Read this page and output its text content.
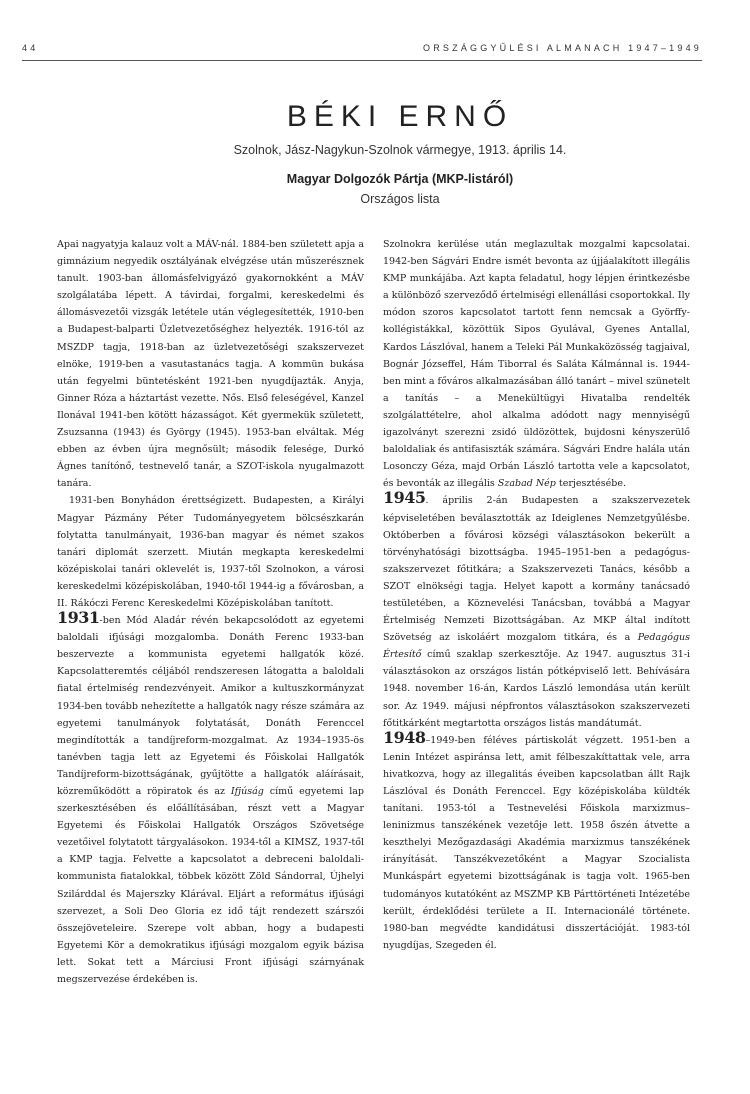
44	ORSZÁGGYŰLÉSI ALMANACH 1947–1949
BÉKI ERNŐ
Szolnok, Jász-Nagykun-Szolnok vármegye, 1913. április 14.
Magyar Dolgozók Pártja (MKP-listáról)
Országos lista

Apai nagyatyja kalauz volt a MÁV-nál. 1884-ben született apja a gimnázium negyedik osztályának elvégzése után műszerésznek tanult. 1903-ban állomásfelvigyázó gyakornokként a MÁV szolgálatába lépett. A távirdai, forgalmi, kereskedelmi és állomásvezetői vizsgák letétele után véglegesítették, 1910-ben a Budapest-balparti Üzletvezetőséghez helyezték. 1916-tól az MSZDP tagja, 1918-ban az üzletvezetőségi szakszervezet elnöke, 1919-ben a vasutastanács tagja. A kommün bukása után fegyelmi büntetésként 1921-ben nyugdíjazták. Anyja, Ginner Róza a háztartást vezette. Nős. Első feleségével, Kanzel Ilonával 1941-ben kötött házasságot. Két gyermekük született, Zsuzsanna (1943) és György (1945). 1953-ban elváltak. Még ebben az évben újra megnősült; második felesége, Durkó Ágnes tanítónő, testnevelő tanár, a SZOT-iskola nyugalmazott tanára.

1931-ben Bonyhádon érettségizett. Budapesten, a Királyi Magyar Pázmány Péter Tudományegyetem bölcsészkarán folytatta tanulmányait, 1936-ban magyar és német szakos tanári diplomát szerzett. Miután megkapta kereskedelmi középiskolai tanári oklevelét is, 1937-től Szolnokon, a városi kereskedelmi középiskolában, 1940-től 1944-ig a fővárosban, a II. Rákóczi Ferenc Kereskedelmi Középiskolában tanított.

1931-ben Mód Aladár révén bekapcsolódott az egyetemi baloldali ifjúsági mozgalomba. Donáth Ferenc 1933-ban beszervezte a kommunista egyetemi hallgatók közé. Kapcsolatteremtés céljából rendszeresen látogatta a baloldali fiatal értelmiség rendezvényeit. Amikor a kultuszkormányzat 1934-ben tovább nehezítette a hallgatók nagy része számára az egyetemi tanulmányok folytatását, Donáth Ferenccel megindították a tandíjreform-mozgalmat. Az 1934–1935-ös tanévben tagja lett az Egyetemi és Főiskolai Hallgatók Tandíjreform-bizottságának, gyűjtötte a hallgatók aláírásait, közreműködött a röpiratok és az Ifjúság című egyetemi lap szerkesztésében és előállításában, részt vett a Magyar Egyetemi és Főiskolai Hallgatók Országos Szövetsége vezetőivel folytatott tárgyalásokon. 1934-től a KIMSZ, 1937-től a KMP tagja. Felvette a kapcsolatot a debreceni baloldali-kommunista fiatalokkal, többek között Zöld Sándorral, Újhelyi Szilárddal és Majerszky Klárával. Eljárt a református ifjúsági szervezet, a Soli Deo Gloria ez idő tájt rendezett szárszói összejöveteleire. Szerepe volt abban, hogy a budapesti Egyetemi Kör a demokratikus ifjúsági mozgalom egyik bázisa lett. Sokat tett a Márciusi Front ifjúsági szárnyának megszervezése érdekében is.

Szolnokra kerülése után meglazultak mozgalmi kapcsolatai. 1942-ben Ságvári Endre ismét bevonta az újjáalakított illegális KMP munkájába. Azt kapta feladatul, hogy lépjen érintkezésbe a különböző szerveződő értelmiségi ellenállási csoportokkal. Ily módon szoros kapcsolatot tartott fenn nemcsak a Györffy-kollégistákkal, közöttük Sipos Gyulával, Gyenes Antallal, Kardos Lászlóval, hanem a Teleki Pál Munkaközösség tagjaival, Bognár Józseffel, Hám Tiborral és Saláta Kálmánnal is. 1944-ben mint a főváros alkalmazásában álló tanárt – mivel szünetelt a tanítás – a Menekültügyi Hivatalba rendelték szolgálattételre, ahol alkalma adódott nagy mennyiségű igazolványt szerezni zsidó üldözöttek, bujdosni kényszerülő baloldaliak és antifasiszták számára. Ságvári Endre halála után Losonczy Géza, majd Orbán László tartotta vele a kapcsolatot, és bevonták az illegális Szabad Nép terjesztésébe.

1945. április 2-án Budapesten a szakszervezetek képviseletében beválasztották az Ideiglenes Nemzetgyűlésbe. Októberben a fővárosi községi választásokon bekerült a törvényhatósági bizottságba. 1945–1951-ben a pedagógus-szakszervezet főtitkára; a Szakszervezeti Tanács, később a SZOT elnökségi tagja. Helyet kapott a kormány tanácsadó testületében, a Köznevelési Tanácsban, továbbá a Magyar Értelmiség Nemzeti Bizottságában. Az MKP által indított Szövetség az iskoláért mozgalom titkára, és a Pedagógus Értesítő című szaklap szerkesztője. Az 1947. augusztus 31-i választásokon az országos listán pótképviselő lett. Behívására 1948. november 16-án, Kardos László lemondása után került sor. Az 1949. májusi népfrontos választásokon szakszervezeti főtitkárként megtartotta országos listás mandátumát.

1948–1949-ben féléves pártiskolát végzett. 1951-ben a Lenin Intézet aspiránsa lett, amit félbeszakíttattak vele, arra hivatkozva, hogy az illegalitás éveiben kapcsolatban állt Rajk Lászlóval és Donáth Ferenccel. Egy középiskolába küldték tanítani. 1953-tól a Testnevelési Főiskola marxizmus–leninizmus tanszékének vezetője lett. 1958 őszén átvette a keszthelyi Mezőgazdasági Akadémia marxizmus tanszékének irányítását. Tanszékvezetőként a Magyar Szocialista Munkáspárt egyetemi bizottságának is tagja volt. 1965-ben tudományos kutatóként az MSZMP KB Párttörténeti Intézetébe került, érdeklődési területe a II. Internacionálé története. 1980-ban megvédte kandidátusi disszertációját. 1983-tól nyugdíjas, Szegeden él.
